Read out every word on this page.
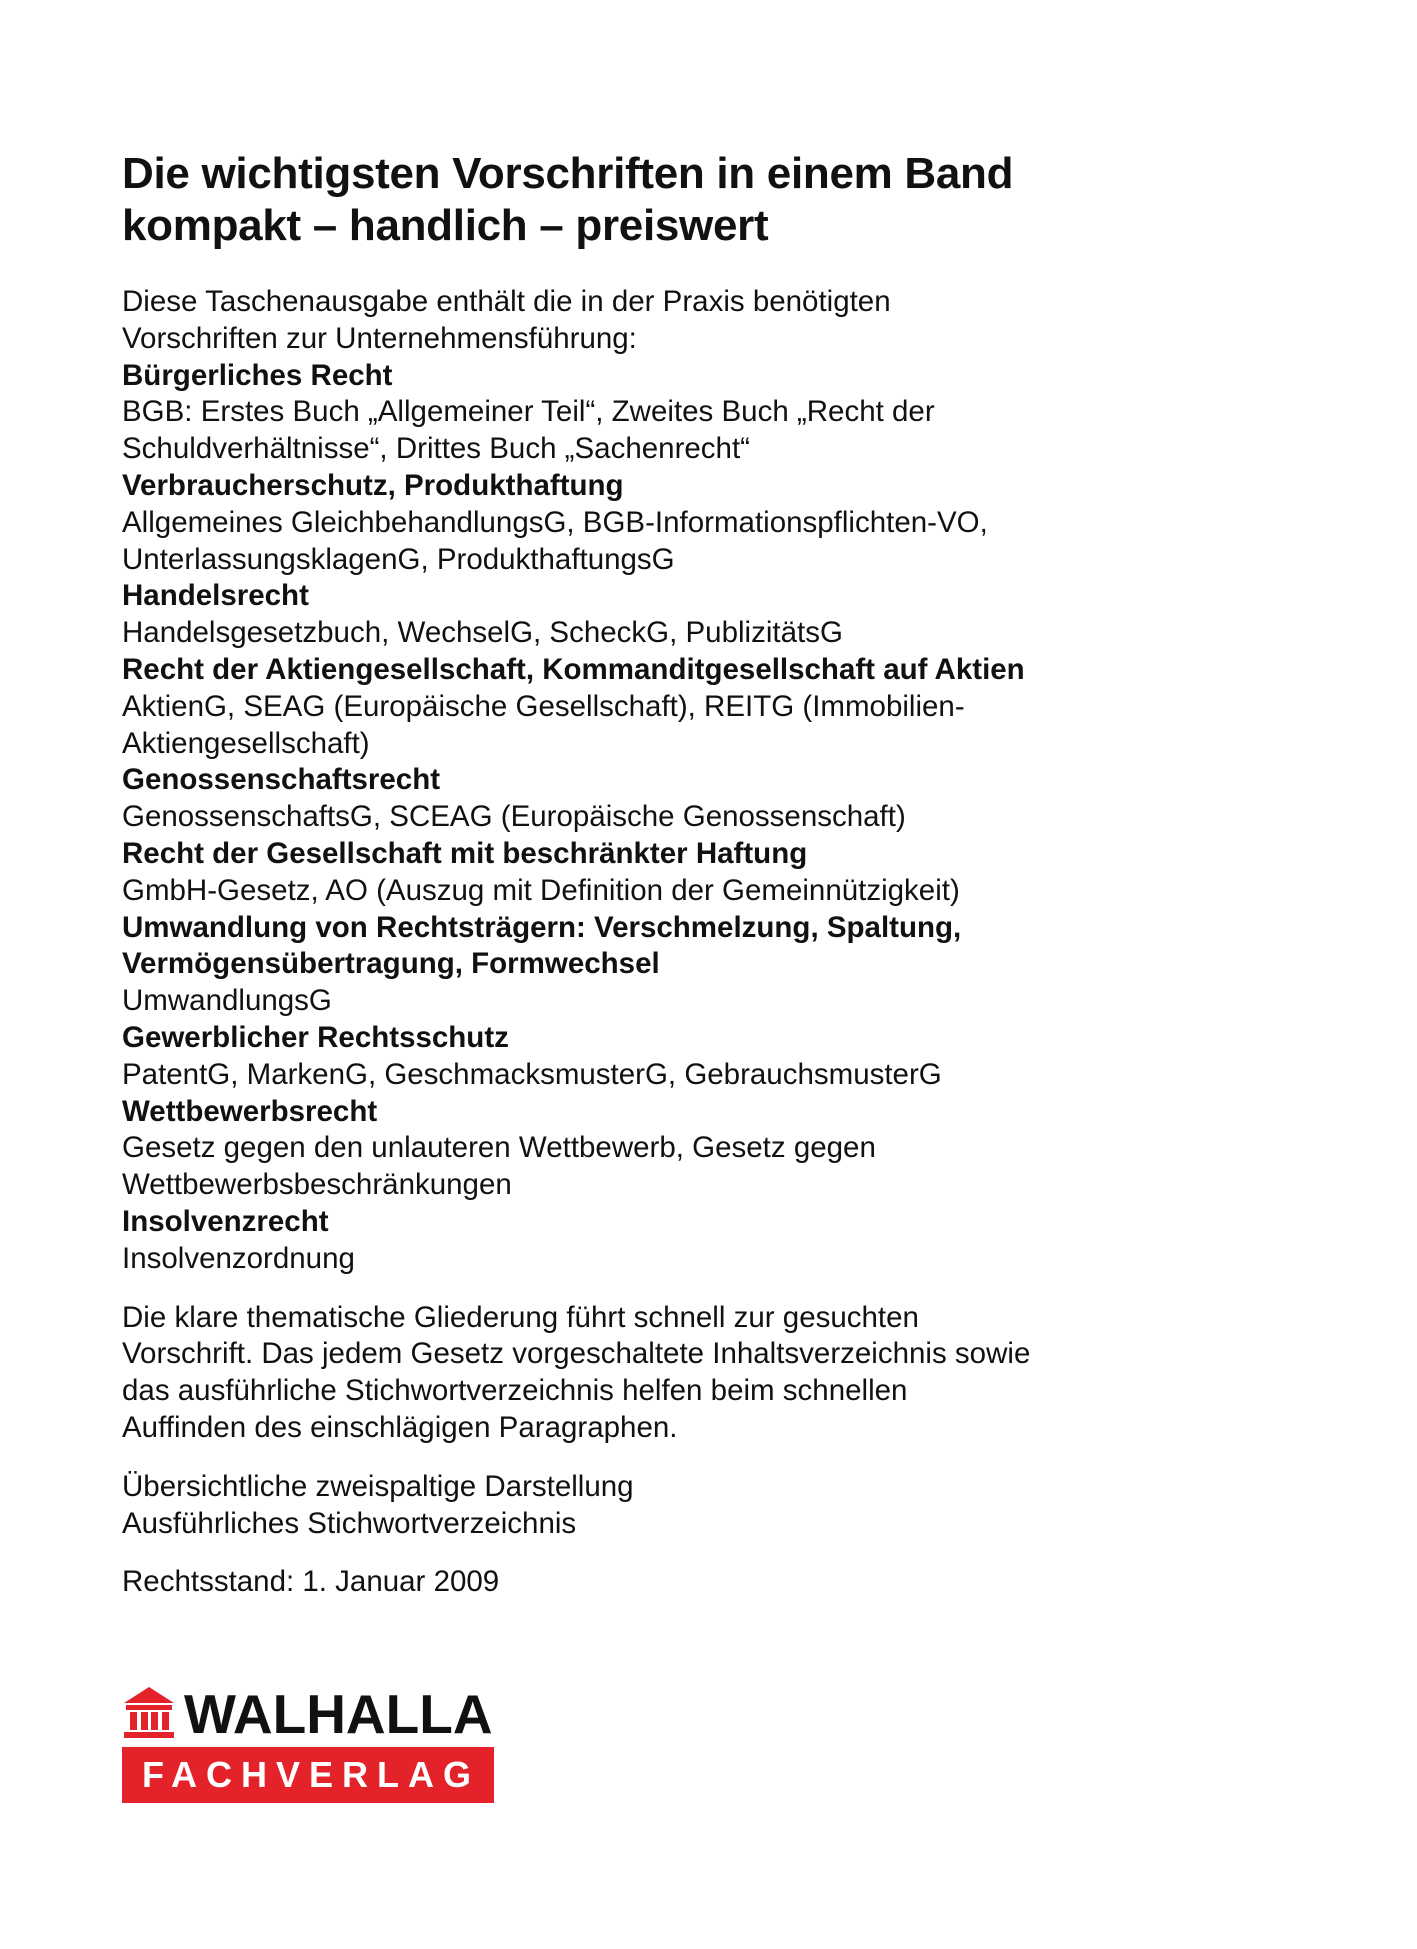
Die wichtigsten Vorschriften in einem Band
kompakt – handlich – preiswert
Diese Taschenausgabe enthält die in der Praxis benötigten
Vorschriften zur Unternehmensführung:
Bürgerliches Recht
BGB: Erstes Buch „Allgemeiner Teil“, Zweites Buch „Recht der
Schuldverhältnisse“, Drittes Buch „Sachenrecht“
Verbraucherschutz, Produkthaftung
Allgemeines GleichbehandlungsG, BGB-Informationspflichten-VO,
UnterlassungsklagenG, ProdukthaftungsG
Handelsrecht
Handelsgesetzbuch, WechselG, ScheckG, PublizitätsG
Recht der Aktiengesellschaft, Kommanditgesellschaft auf Aktien
AktienG, SEAG (Europäische Gesellschaft), REITG (Immobilien-
Aktiengesellschaft)
Genossenschaftsrecht
GenossenschaftsG, SCEAG (Europäische Genossenschaft)
Recht der Gesellschaft mit beschränkter Haftung
GmbH-Gesetz, AO (Auszug mit Definition der Gemeinnützigkeit)
Umwandlung von Rechtsträgern: Verschmelzung, Spaltung,
Vermögensübertragung, Formwechsel
UmwandlungsG
Gewerblicher Rechtsschutz
PatentG, MarkenG, GeschmacksmusterG, GebrauchsmusterG
Wettbewerbsrecht
Gesetz gegen den unlauteren Wettbewerb, Gesetz gegen
Wettbewerbsbeschränkungen
Insolvenzrecht
Insolvenzordnung
Die klare thematische Gliederung führt schnell zur gesuchten
Vorschrift. Das jedem Gesetz vorgeschaltete Inhaltsverzeichnis sowie
das ausführliche Stichwortverzeichnis helfen beim schnellen
Auffinden des einschlägigen Paragraphen.
Übersichtliche zweispaltige Darstellung
Ausführliches Stichwortverzeichnis
Rechtsstand: 1. Januar 2009
WALHALLA
FACHVERLAG
